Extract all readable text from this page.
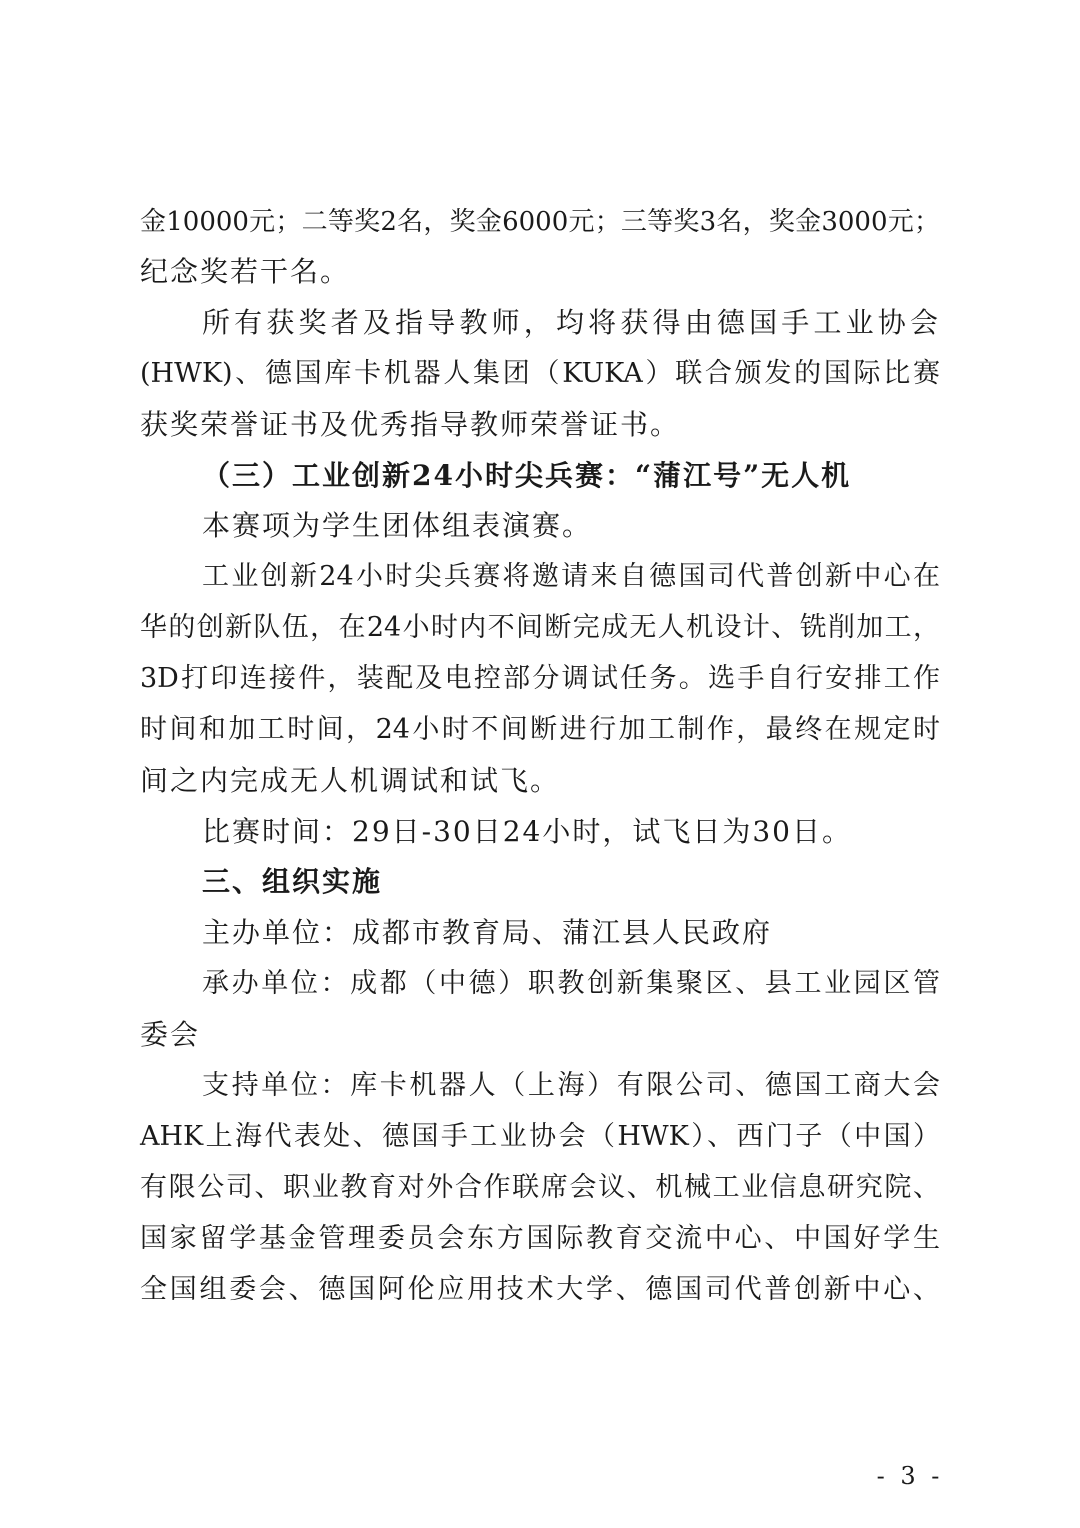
金10000元；二等奖2名，奖金6000元；三等奖3名，奖金3000元；
纪念奖若干名。
所有获奖者及指导教师，均将获得由德国手工业协会
(HWK)、德国库卡机器人集团（KUKA）联合颁发的国际比赛
获奖荣誉证书及优秀指导教师荣誉证书。
（三）工业创新24小时尖兵赛：“蒲江号”无人机
本赛项为学生团体组表演赛。
工业创新24小时尖兵赛将邀请来自德国司代普创新中心在
华的创新队伍，在24小时内不间断完成无人机设计、铣削加工，
3D打印连接件，装配及电控部分调试任务。选手自行安排工作
时间和加工时间，24小时不间断进行加工制作，最终在规定时
间之内完成无人机调试和试飞。
比赛时间：29日-30日24小时，试飞日为30日。
三、组织实施
主办单位：成都市教育局、蒲江县人民政府
承办单位：成都（中德）职教创新集聚区、县工业园区管
委会
支持单位：库卡机器人（上海）有限公司、德国工商大会
AHK上海代表处、德国手工业协会（HWK）、西门子（中国）
有限公司、职业教育对外合作联席会议、机械工业信息研究院、
国家留学基金管理委员会东方国际教育交流中心、中国好学生
全国组委会、德国阿伦应用技术大学、德国司代普创新中心、
- 3 -
